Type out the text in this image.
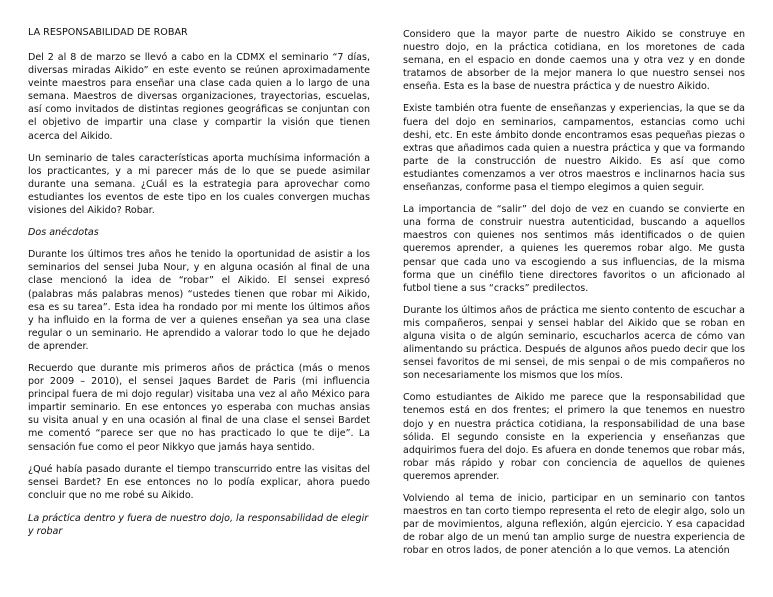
LA RESPONSABILIDAD DE ROBAR

Del 2 al 8 de marzo se llevó a cabo en la CDMX el seminario “7 días, diversas miradas Aikido” en este evento se reúnen aproximadamente veinte maestros para enseñar una clase cada quien a lo largo de una semana. Maestros de diversas organizaciones, trayectorias, escuelas, así como invitados de distintas regiones geográficas se conjuntan con el objetivo de impartir una clase y compartir la visión que tienen acerca del Aikido.

Un seminario de tales características aporta muchísima información a los practicantes, y a mi parecer más de lo que se puede asimilar durante una semana. ¿Cuál es la estrategia para aprovechar como estudiantes los eventos de este tipo en los cuales convergen muchas visiones del Aikido? Robar.

Dos anécdotas

Durante los últimos tres años he tenido la oportunidad de asistir a los seminarios del sensei Juba Nour, y en alguna ocasión al final de una clase mencionó la idea de “robar” el Aikido. El sensei expresó (palabras más palabras menos) “ustedes tienen que robar mi Aikido, esa es su tarea”. Esta idea ha rondado por mi mente los últimos años y ha influido en la forma de ver a quienes enseñan ya sea una clase regular o un seminario. He aprendido a valorar todo lo que he dejado de aprender.

Recuerdo que durante mis primeros años de práctica (más o menos por 2009 – 2010), el sensei Jaques Bardet de Paris (mi influencia principal fuera de mi dojo regular) visitaba una vez al año México para impartir seminario. En ese entonces yo esperaba con muchas ansias su visita anual y en una ocasión al final de una clase el sensei Bardet me comentó “parece ser que no has practicado lo que te dije”. La sensación fue como el peor Nikkyo que jamás haya sentido.

¿Qué había pasado durante el tiempo transcurrido entre las visitas del sensei Bardet? En ese entonces no lo podía explicar, ahora puedo concluir que no me robé su Aikido.

La práctica dentro y fuera de nuestro dojo, la responsabilidad de elegir y robar

Considero que la mayor parte de nuestro Aikido se construye en nuestro dojo, en la práctica cotidiana, en los moretones de cada semana, en el espacio en donde caemos una y otra vez y en donde tratamos de absorber de la mejor manera lo que nuestro sensei nos enseña. Esta es la base de nuestra práctica y de nuestro Aikido.

Existe también otra fuente de enseñanzas y experiencias, la que se da fuera del dojo en seminarios, campamentos, estancias como uchi deshi, etc. En este ámbito donde encontramos esas pequeñas piezas o extras que añadimos cada quien a nuestra práctica y que va formando parte de la construcción de nuestro Aikido. Es así que como estudiantes comenzamos a ver otros maestros e inclinarnos hacia sus enseñanzas, conforme pasa el tiempo elegimos a quien seguir.

La importancia de “salir” del dojo de vez en cuando se convierte en una forma de construir nuestra autenticidad, buscando a aquellos maestros con quienes nos sentimos más identificados o de quien queremos aprender, a quienes les queremos robar algo. Me gusta pensar que cada uno va escogiendo a sus influencias, de la misma forma que un cinéfilo tiene directores favoritos o un aficionado al futbol tiene a sus “cracks” predilectos.

Durante los últimos años de práctica me siento contento de escuchar a mis compañeros, senpai y sensei hablar del Aikido que se roban en alguna visita o de algún seminario, escucharlos acerca de cómo van alimentando su práctica. Después de algunos años puedo decir que los sensei favoritos de mi sensei, de mis senpai o de mis compañeros no son necesariamente los mismos que los míos.

Como estudiantes de Aikido me parece que la responsabilidad que tenemos está en dos frentes; el primero la que tenemos en nuestro dojo y en nuestra práctica cotidiana, la responsabilidad de una base sólida. El segundo consiste en la experiencia y enseñanzas que adquirimos fuera del dojo. Es afuera en donde tenemos que robar más, robar más rápido y robar con conciencia de aquellos de quienes queremos aprender.

Volviendo al tema de inicio, participar en un seminario con tantos maestros en tan corto tiempo representa el reto de elegir algo, solo un par de movimientos, alguna reflexión, algún ejercicio. Y esa capacidad de robar algo de un menú tan amplio surge de nuestra experiencia de robar en otros lados, de poner atención a lo que vemos. La atención
